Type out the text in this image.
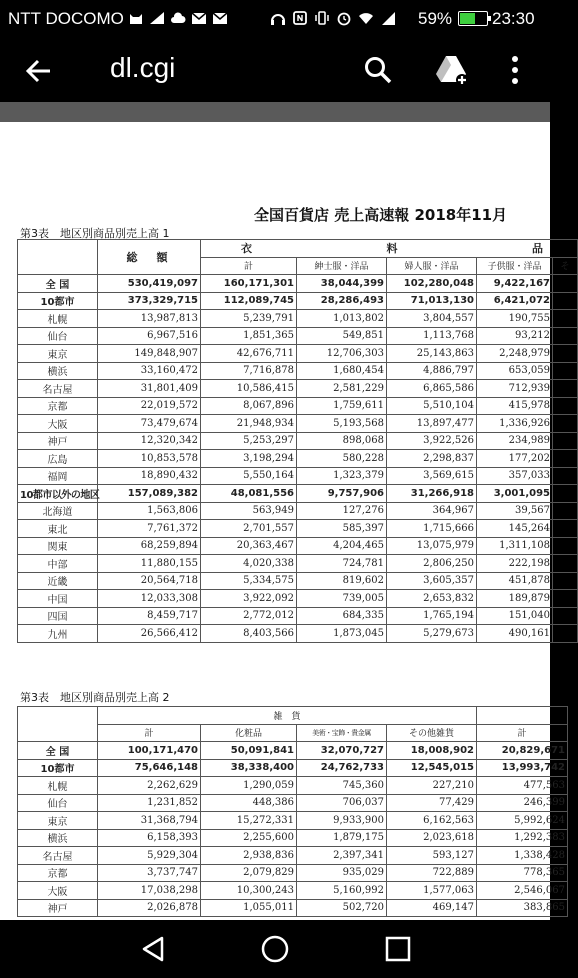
NTT DOCOMO	59% 23:30
dl.cgi
全国百貨店 売上高速報 2018年11月
第3表　地区別商品別売上高 1
	総　額	衣 料 品				

		計	紳士服・洋品	婦人服・洋品	子供服・洋品	そ
全 国	530,419,097	160,171,301	38,044,399	102,280,048	9,422,167	
10都市	373,329,715	112,089,745	28,286,493	71,013,130	6,421,072	
札幌	13,987,813	5,239,791	1,013,802	3,804,557	190,755	
仙台	6,967,516	1,851,365	549,851	1,113,768	93,212	
東京	149,848,907	42,676,711	12,706,303	25,143,863	2,248,979	
横浜	33,160,472	7,716,878	1,680,454	4,886,797	653,059	
名古屋	31,801,409	10,586,415	2,581,229	6,865,586	712,939	
京都	22,019,572	8,067,896	1,759,611	5,510,104	415,978	
大阪	73,479,674	21,948,934	5,193,568	13,897,477	1,336,926	
神戸	12,320,342	5,253,297	898,068	3,922,526	234,989	
広島	10,853,578	3,198,294	580,228	2,298,837	177,202	
福岡	18,890,432	5,550,164	1,323,379	3,569,615	357,033	
10都市以外の地区	157,089,382	48,081,556	9,757,906	31,266,918	3,001,095	
北海道	1,563,806	563,949	127,276	364,967	39,567	
東北	7,761,372	2,701,557	585,397	1,715,666	145,264	
関東	68,259,894	20,363,467	4,204,465	13,075,979	1,311,108	
中部	11,880,155	4,020,338	724,781	2,806,250	222,198	
近畿	20,564,718	5,334,575	819,602	3,605,357	451,878	
中国	12,033,308	3,922,092	739,005	2,653,832	189,879	
四国	8,459,717	2,772,012	684,335	1,765,194	151,040	
九州	26,566,412	8,403,566	1,873,045	5,279,673	490,161	
第3表　地区別商品別売上高 2
	雑　貨				
	計	化粧品	美術・宝飾・貴金属	その他雑貨	計
全 国	100,171,470	50,091,841	32,070,727	18,008,902	20,829,671
10都市	75,646,148	38,338,400	24,762,733	12,545,015	13,993,742
札幌	2,262,629	1,290,059	745,360	227,210	477,563
仙台	1,231,852	448,386	706,037	77,429	246,399
東京	31,368,794	15,272,331	9,933,900	6,162,563	5,992,624
横浜	6,158,393	2,255,600	1,879,175	2,023,618	1,292,383
名古屋	5,929,304	2,938,836	2,397,341	593,127	1,338,428
京都	3,737,747	2,079,829	935,029	722,889	778,365
大阪	17,038,298	10,300,243	5,160,992	1,577,063	2,546,067
神戸	2,026,878	1,055,011	502,720	469,147	383,865
